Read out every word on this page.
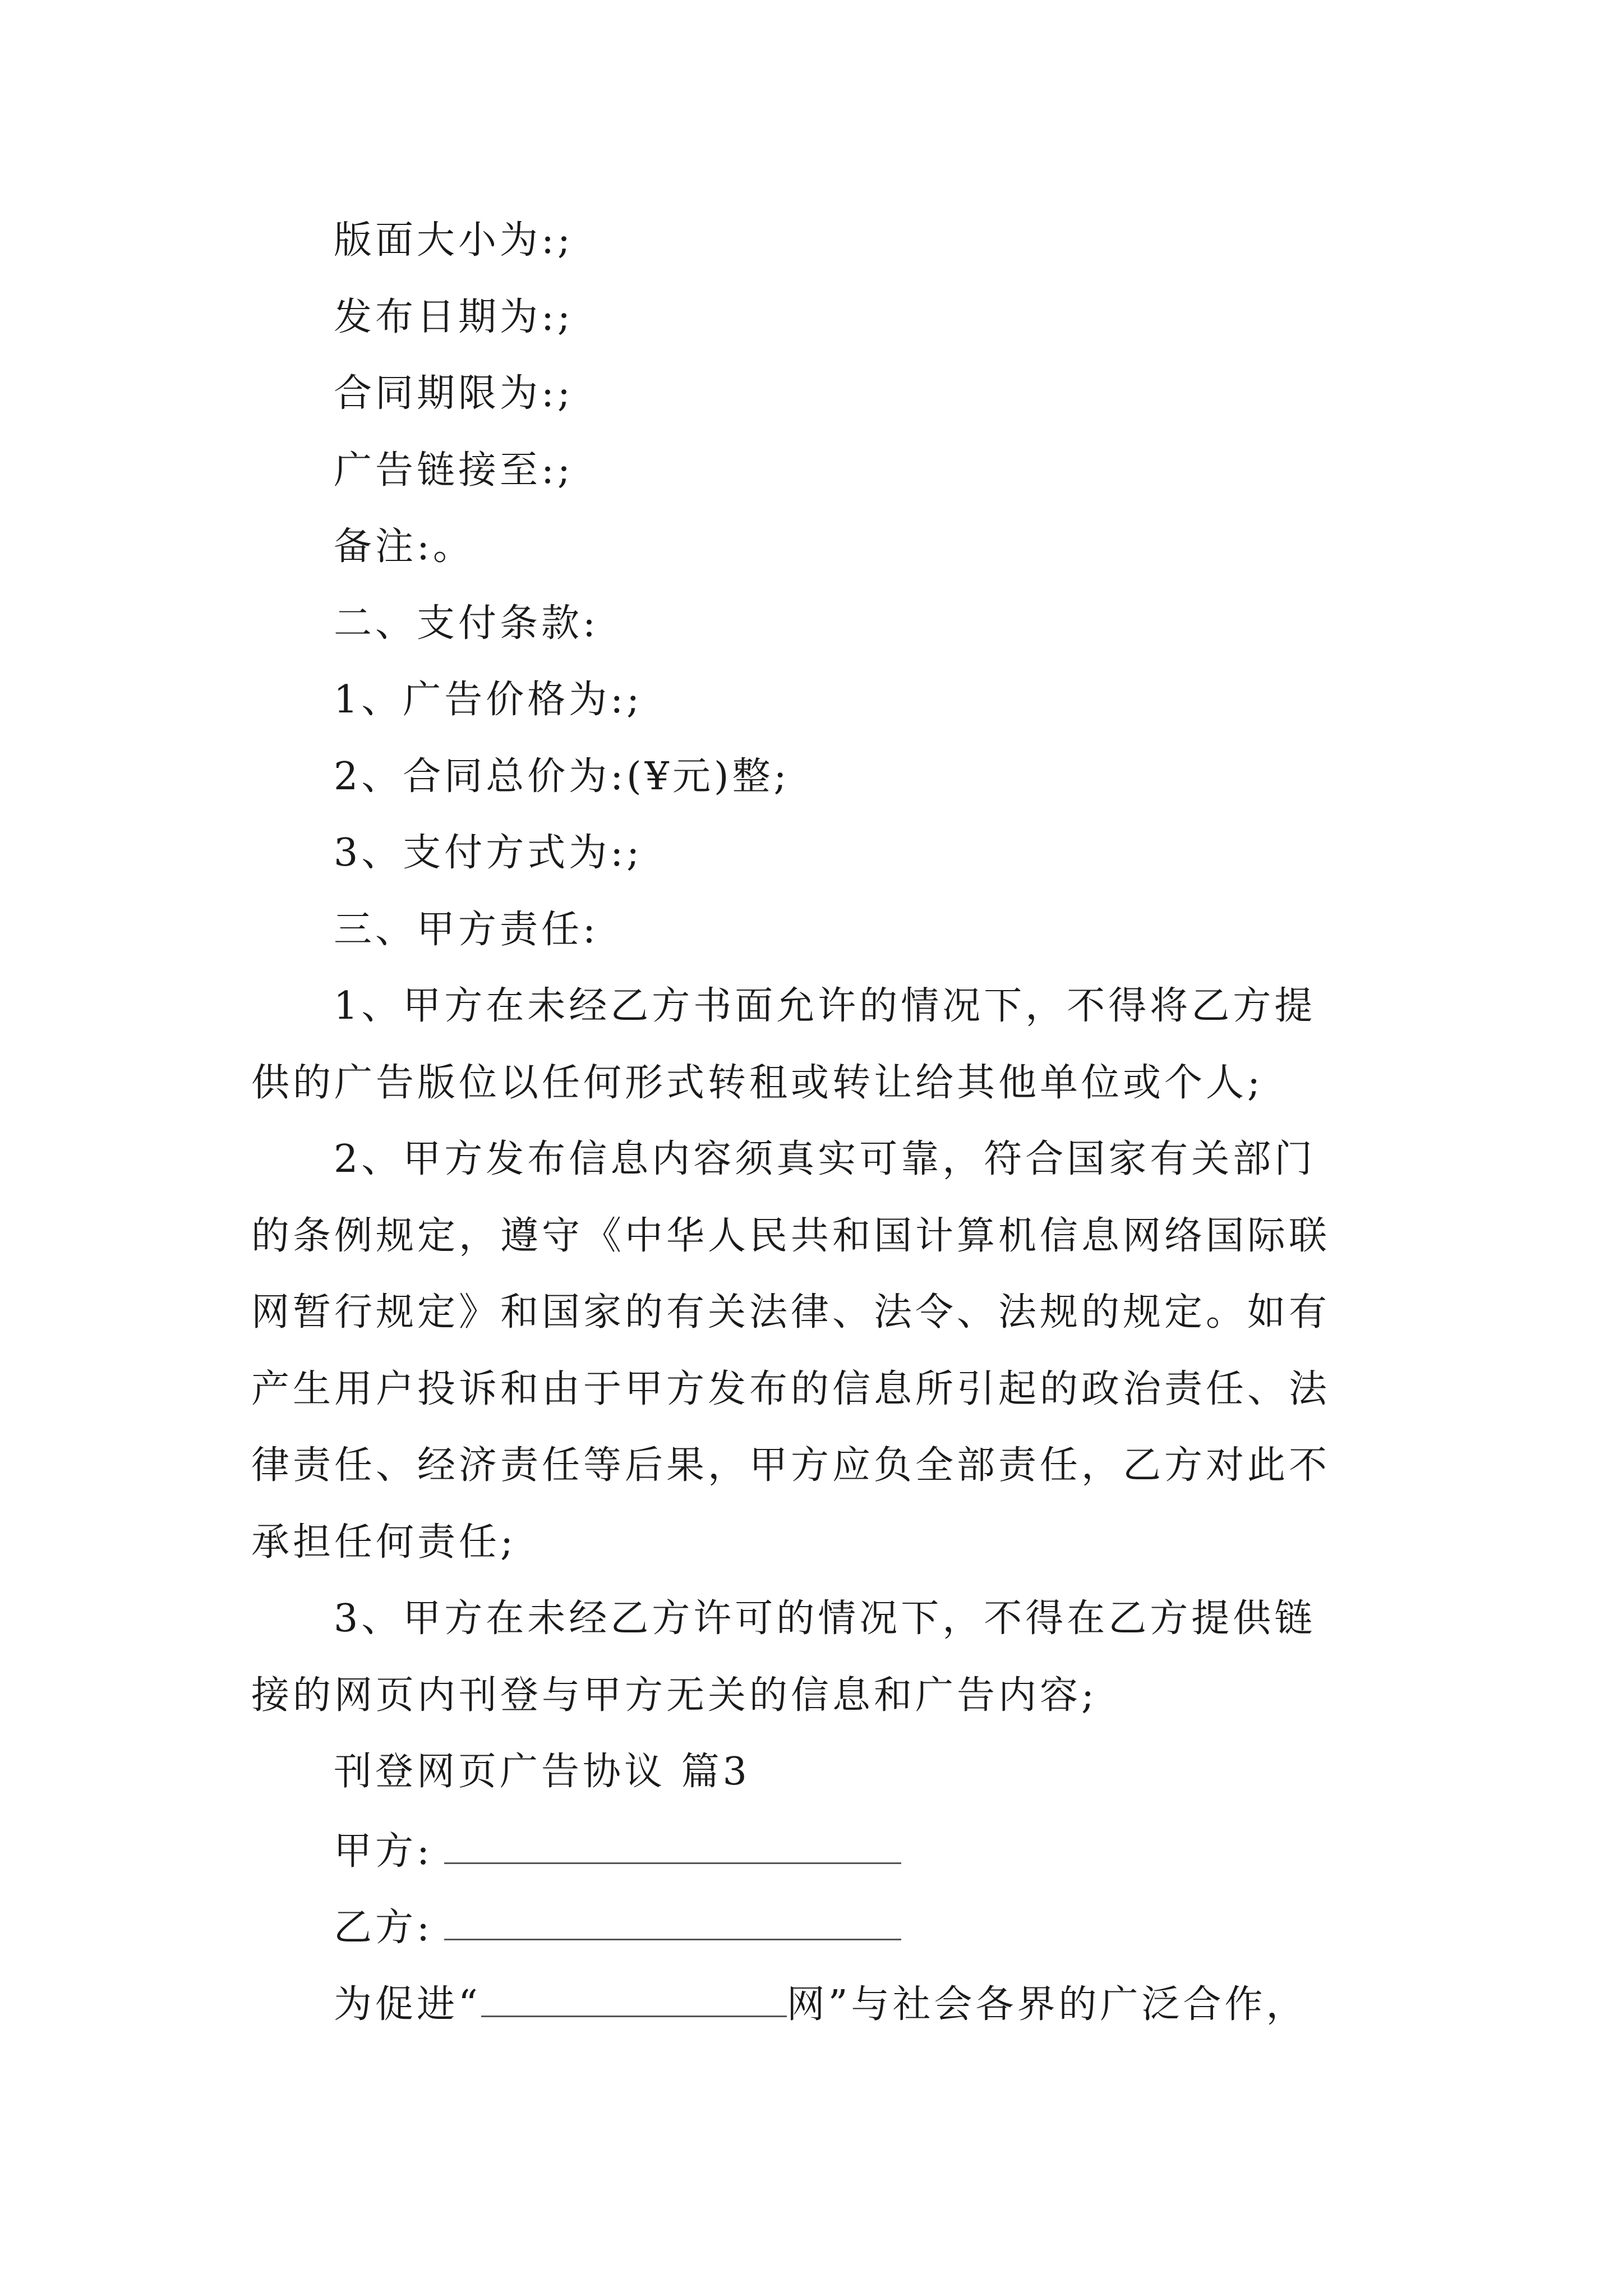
版面大小为:;
发布日期为:;
合同期限为:;
广告链接至:;
备注:。
二、支付条款:
1、广告价格为:;
2、合同总价为:(¥元)整;
3、支付方式为:;
三、甲方责任:
1、甲方在未经乙方书面允许的情况下，不得将乙方提
供的广告版位以任何形式转租或转让给其他单位或个人;
2、甲方发布信息内容须真实可靠，符合国家有关部门
的条例规定，遵守《中华人民共和国计算机信息网络国际联
网暂行规定》和国家的有关法律、法令、法规的规定。如有
产生用户投诉和由于甲方发布的信息所引起的政治责任、法
律责任、经济责任等后果，甲方应负全部责任，乙方对此不
承担任何责任;
3、甲方在未经乙方许可的情况下，不得在乙方提供链
接的网页内刊登与甲方无关的信息和广告内容;
刊登网页广告协议 篇3
甲方:
乙方:
为促进“	网”与社会各界的广泛合作，
